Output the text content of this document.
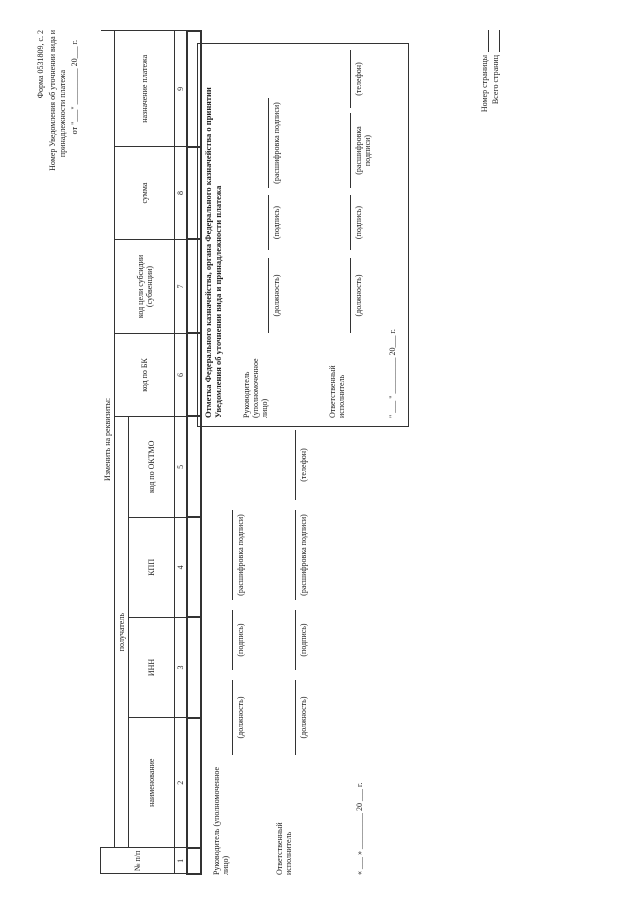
Форма 0531809, с. 2 Номер Уведомления об уточнении вида и принадлежности платежа от "___" _________ 20___ г.
№ п/п	Изменить на реквизиты:							
	получатель				код по БК	код цели субсидии (субвенции)	сумма	назначение платежа
	наименование	ИНН	КПП	код по ОКТМО				
1	2	3	4	5	6	7	8	9

Руководитель (уполномоченное лицо)
(должность)
(подпись)
(расшифровка подписи)
Ответственный исполнитель
(должность)
(подпись)
(расшифровка подписи)
(телефон)
« ___ » _________ 20 ___ г.
Отметка Федерального казначейства, органа Федерального казначейства о принятии Уведомления об уточнении вида и принадлежности платежа Руководитель (уполномоченное лицо)
(должность)
(подпись)
(расшифровка подписи)
Ответственный исполнитель
(должность)
(подпись)
(расшифровка подписи)
(телефон)
" ___ " _________ 20___ г.
Номер страницы Всего страниц
